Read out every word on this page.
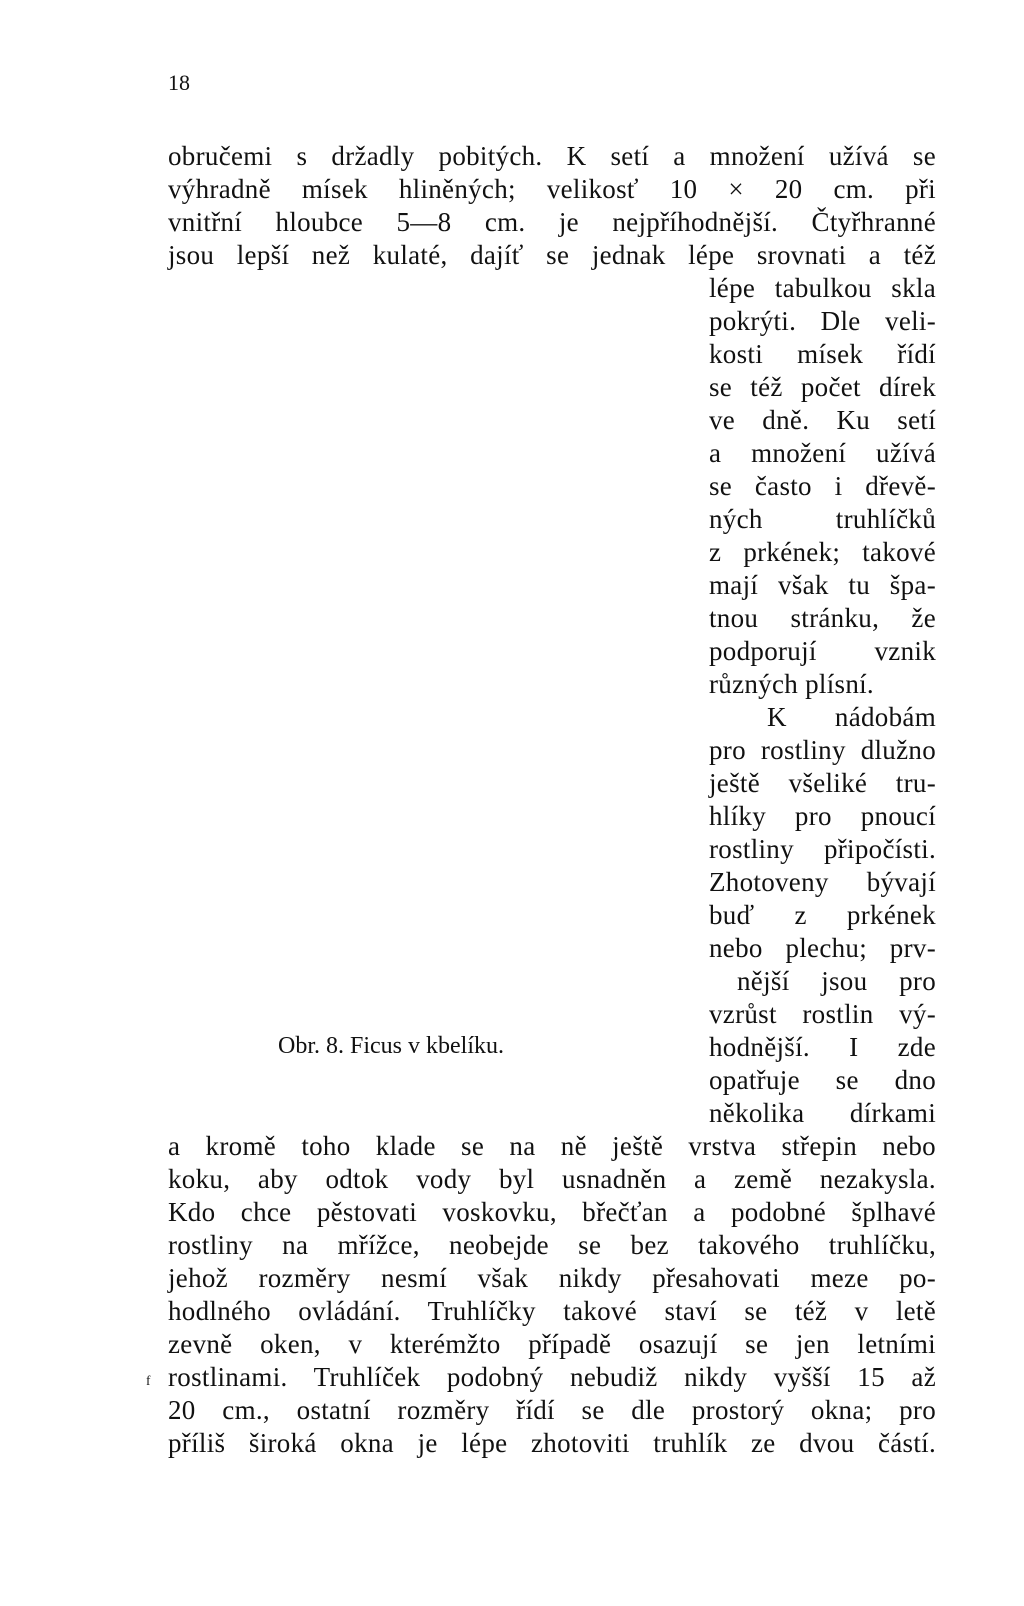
18
obručemi s držadly pobitých. K setí a množení užívá se
výhradně mísek hliněných; velikosť 10 × 20 cm. při
vnitřní hloubce 5—8 cm. je nejpříhodnější. Čtyřhranné
jsou lepší než kulaté, dajíť se jednak lépe srovnati a též
lépe tabulkou skla
pokrýti. Dle veli-
kosti mísek řídí
se též počet dírek
ve dně. Ku setí
a množení užívá
se často i dřevě-
ných truhlíčků
z prkének; takové
mají však tu špa-
tnou stránku, že
podporují vznik
různých plísní.
K nádobám
pro rostliny dlužno
ještě všeliké tru-
hlíky pro pnoucí
rostliny připočísti.
Zhotoveny bývají
buď z prkének
nebo plechu; prv-
nější jsou pro
vzrůst rostlin vý-
hodnější. I zde
opatřuje se dno
několika dírkami
Obr. 8. Ficus v kbelíku.
a kromě toho klade se na ně ještě vrstva střepin nebo
koku, aby odtok vody byl usnadněn a země nezakysla.
Kdo chce pěstovati voskovku, břečťan a podobné šplhavé
rostliny na mřížce, neobejde se bez takového truhlíčku,
jehož rozměry nesmí však nikdy přesahovati meze po-
hodlného ovládání. Truhlíčky takové staví se též v letě
zevně oken, v kterémžto případě osazují se jen letními
rostlinami. Truhlíček podobný nebudiž nikdy vyšší 15 až
20 cm., ostatní rozměry řídí se dle prostorý okna; pro
příliš široká okna je lépe zhotoviti truhlík ze dvou částí.
ᶠ
